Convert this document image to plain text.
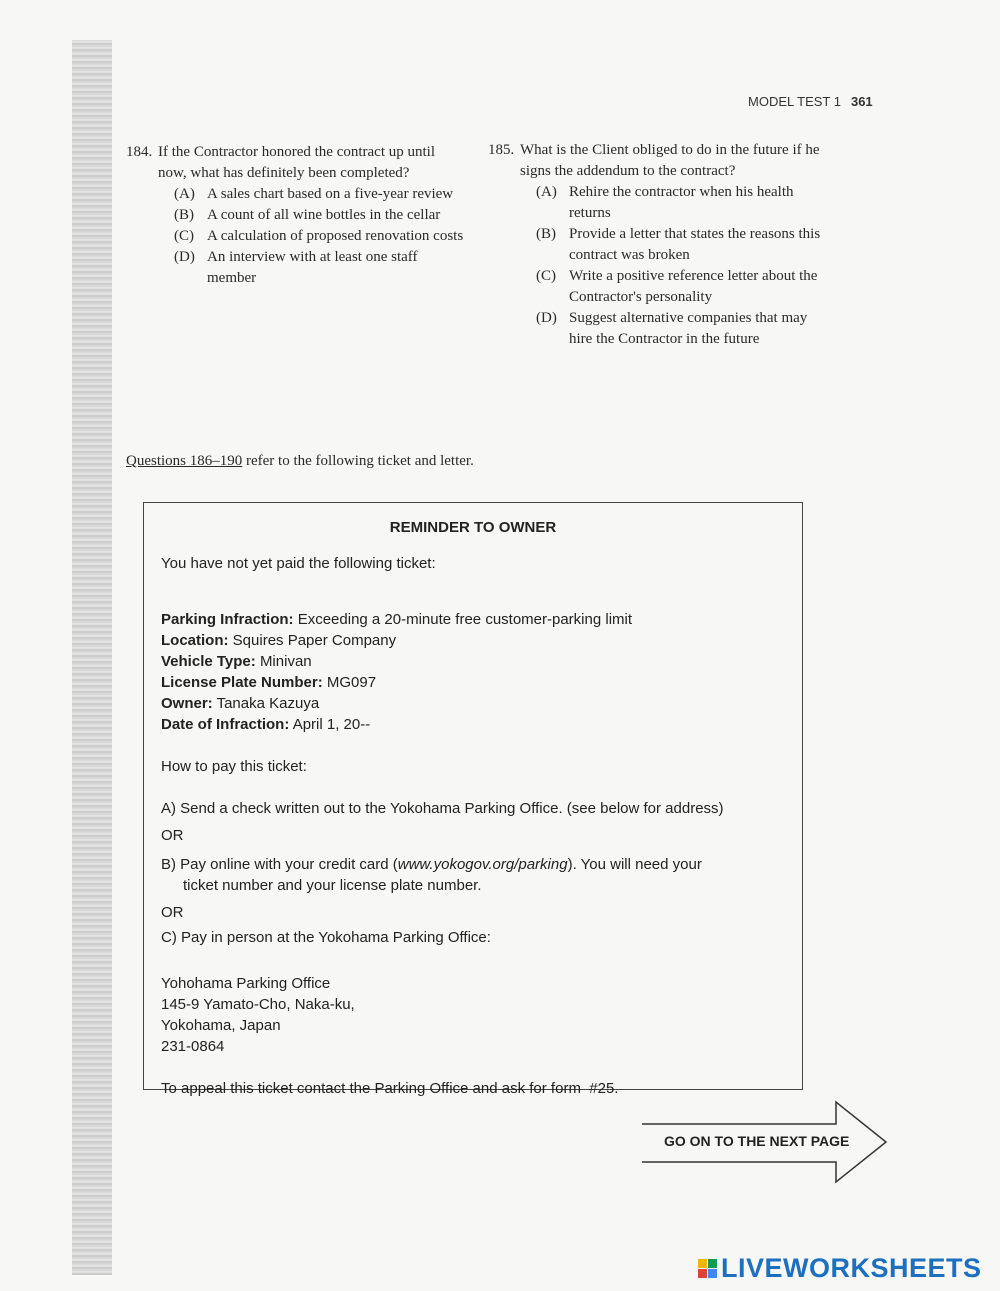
MODEL TEST 1 361
184. If the Contractor honored the contract up until now, what has definitely been completed?
(A) A sales chart based on a five-year review
(B) A count of all wine bottles in the cellar
(C) A calculation of proposed renovation costs
(D) An interview with at least one staff member
185. What is the Client obliged to do in the future if he signs the addendum to the contract?
(A) Rehire the contractor when his health returns
(B) Provide a letter that states the reasons this contract was broken
(C) Write a positive reference letter about the Contractor's personality
(D) Suggest alternative companies that may hire the Contractor in the future
Questions 186–190 refer to the following ticket and letter.
REMINDER TO OWNER

You have not yet paid the following ticket:

Parking Infraction: Exceeding a 20-minute free customer-parking limit

Location: Squires Paper Company

Vehicle Type: Minivan

License Plate Number: MG097

Owner: Tanaka Kazuya

Date of Infraction: April 1, 20--

How to pay this ticket:

A) Send a check written out to the Yokohama Parking Office. (see below for address)

OR

B) Pay online with your credit card (www.yokogov.org/parking). You will need your

ticket number and your license plate number.

OR

C) Pay in person at the Yokohama Parking Office:

Yohohama Parking Office

145-9 Yamato-Cho, Naka-ku,

Yokohama, Japan

231-0864

To appeal this ticket contact the Parking Office and ask for form  #25.

GO ON TO THE NEXT PAGE
LIVEWORKSHEETS
